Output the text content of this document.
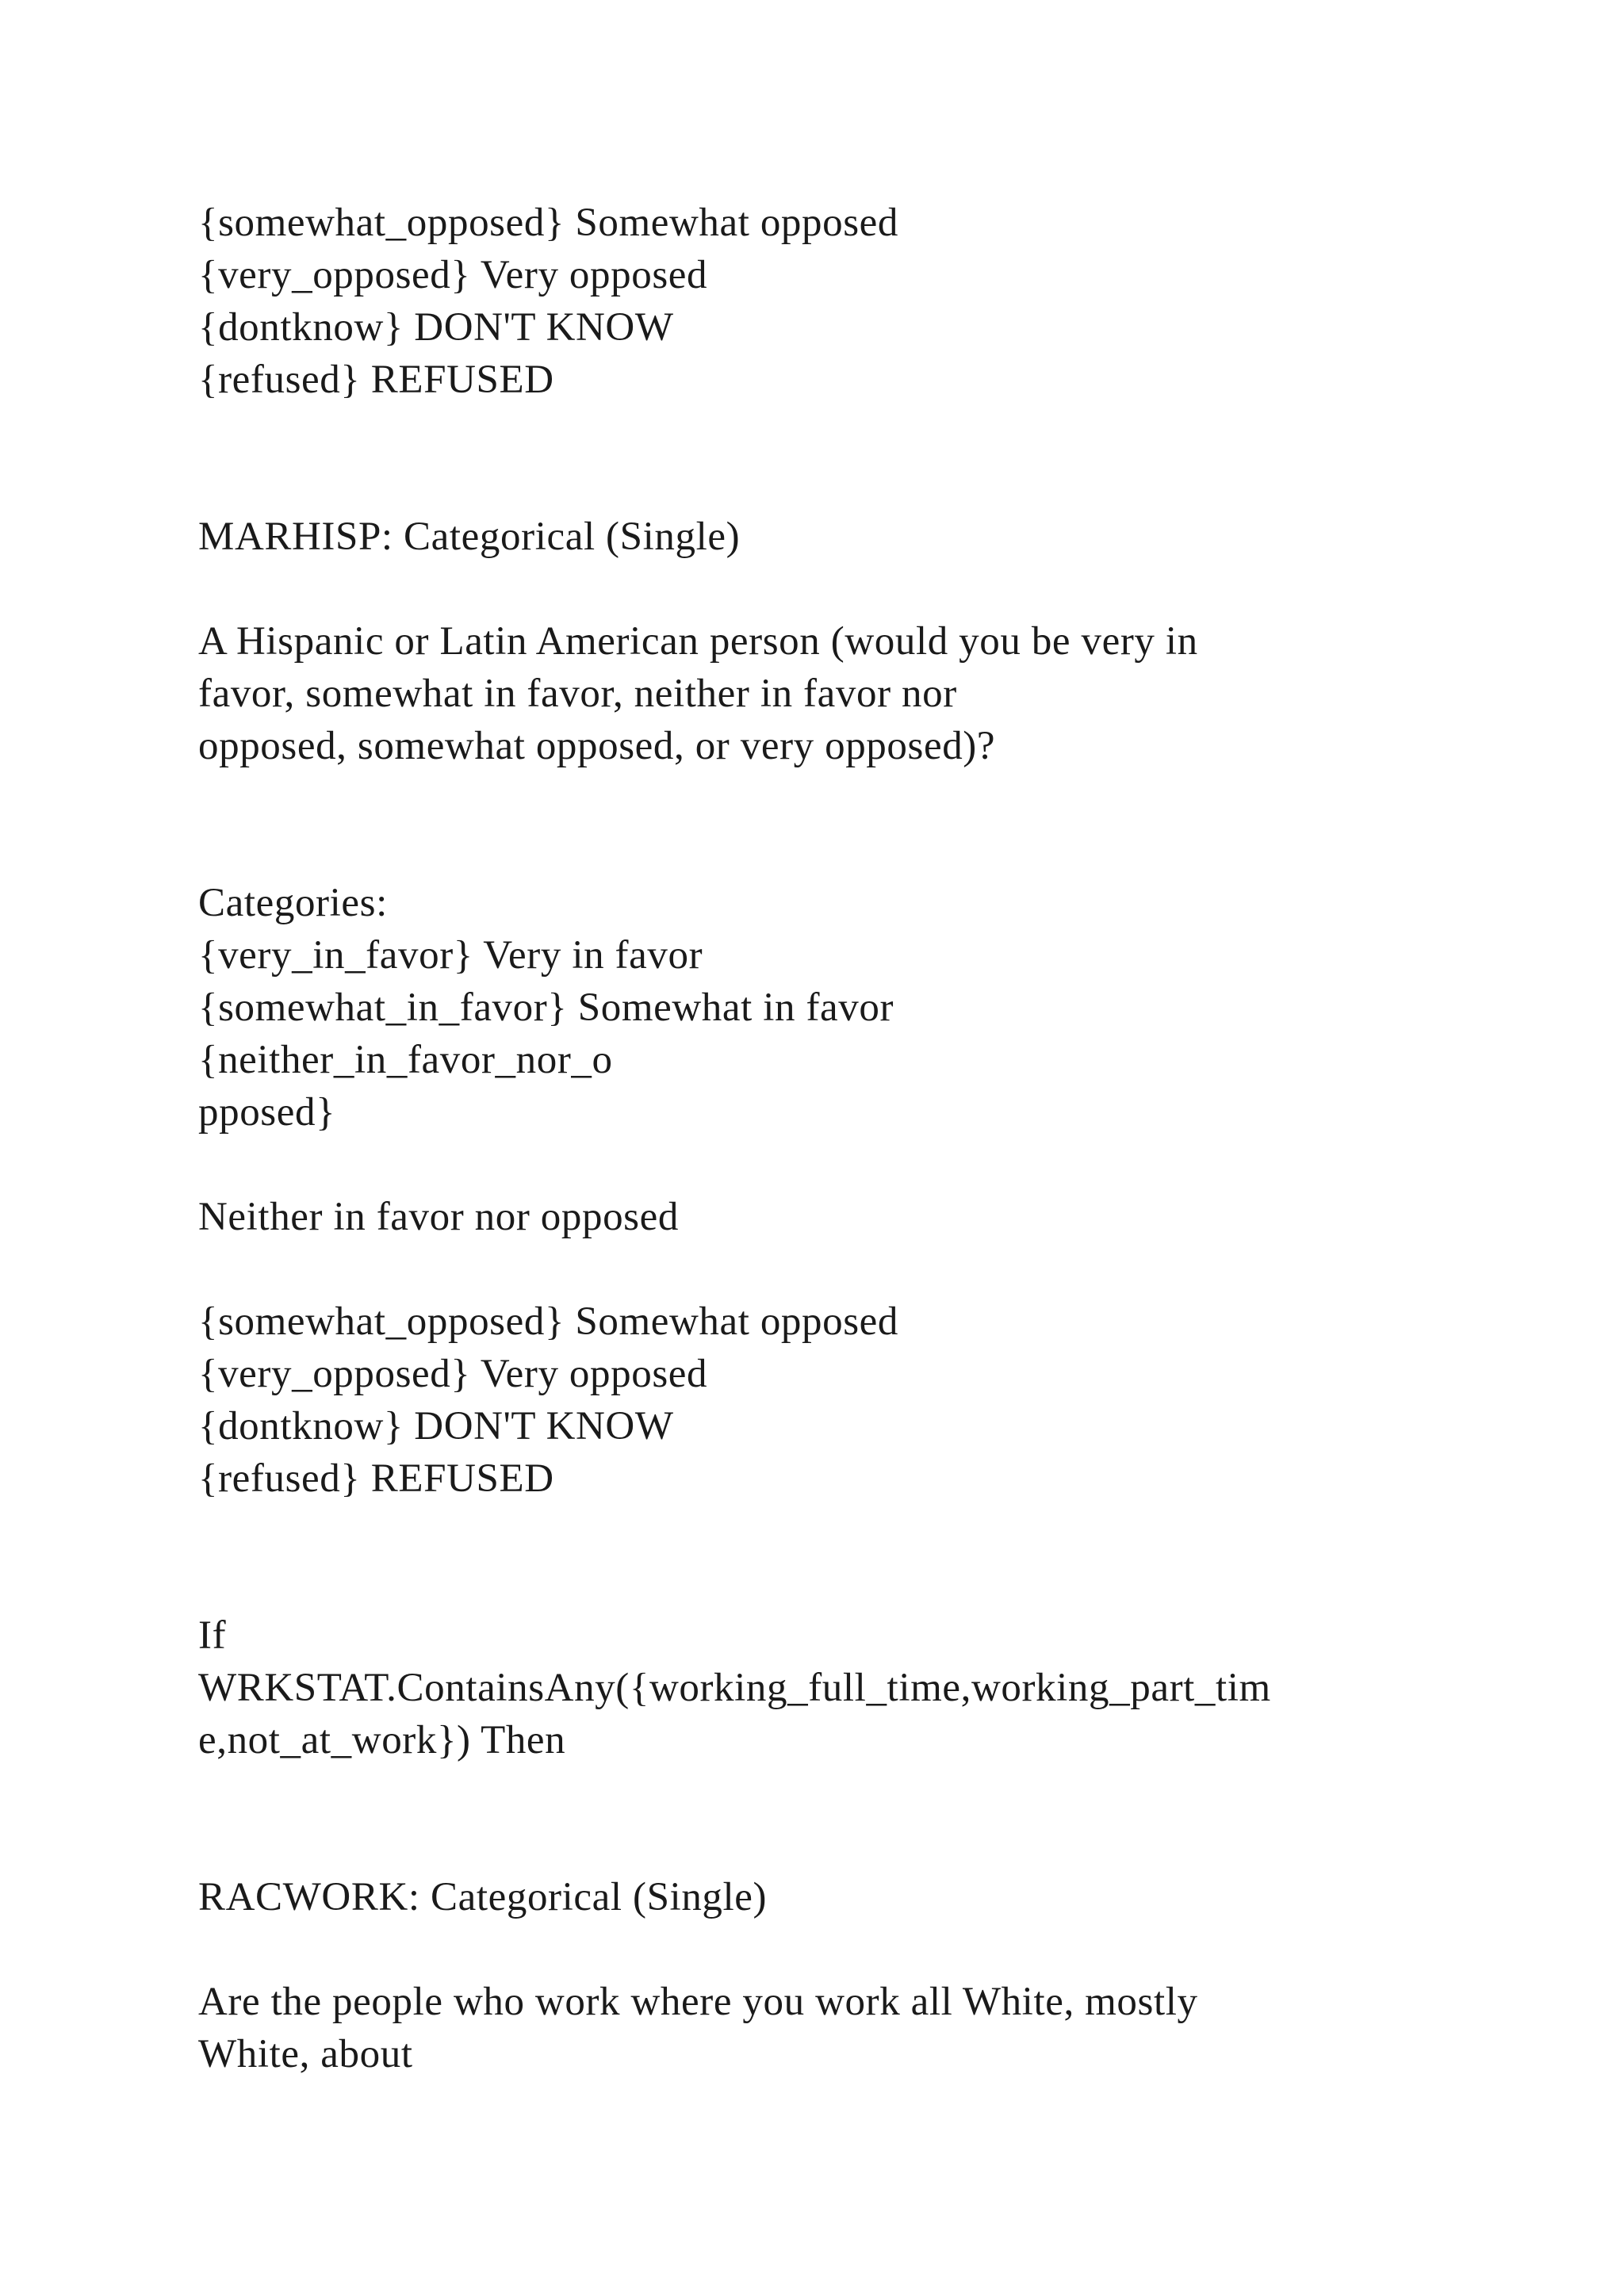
{somewhat_opposed} Somewhat opposed

{very_opposed} Very opposed

{dontknow} DON'T KNOW

{refused} REFUSED

MARHISP: Categorical (Single)

A Hispanic or Latin American person (would you be very in

favor, somewhat in favor, neither in favor nor

opposed, somewhat opposed, or very opposed)?

Categories:

{very_in_favor} Very in favor

{somewhat_in_favor} Somewhat in favor

{neither_in_favor_nor_o

pposed}

Neither in favor nor opposed

{somewhat_opposed} Somewhat opposed

{very_opposed} Very opposed

{dontknow} DON'T KNOW

{refused} REFUSED

If

WRKSTAT.ContainsAny({working_full_time,working_part_tim

e,not_at_work}) Then

RACWORK: Categorical (Single)

Are the people who work where you work all White, mostly

White, about
